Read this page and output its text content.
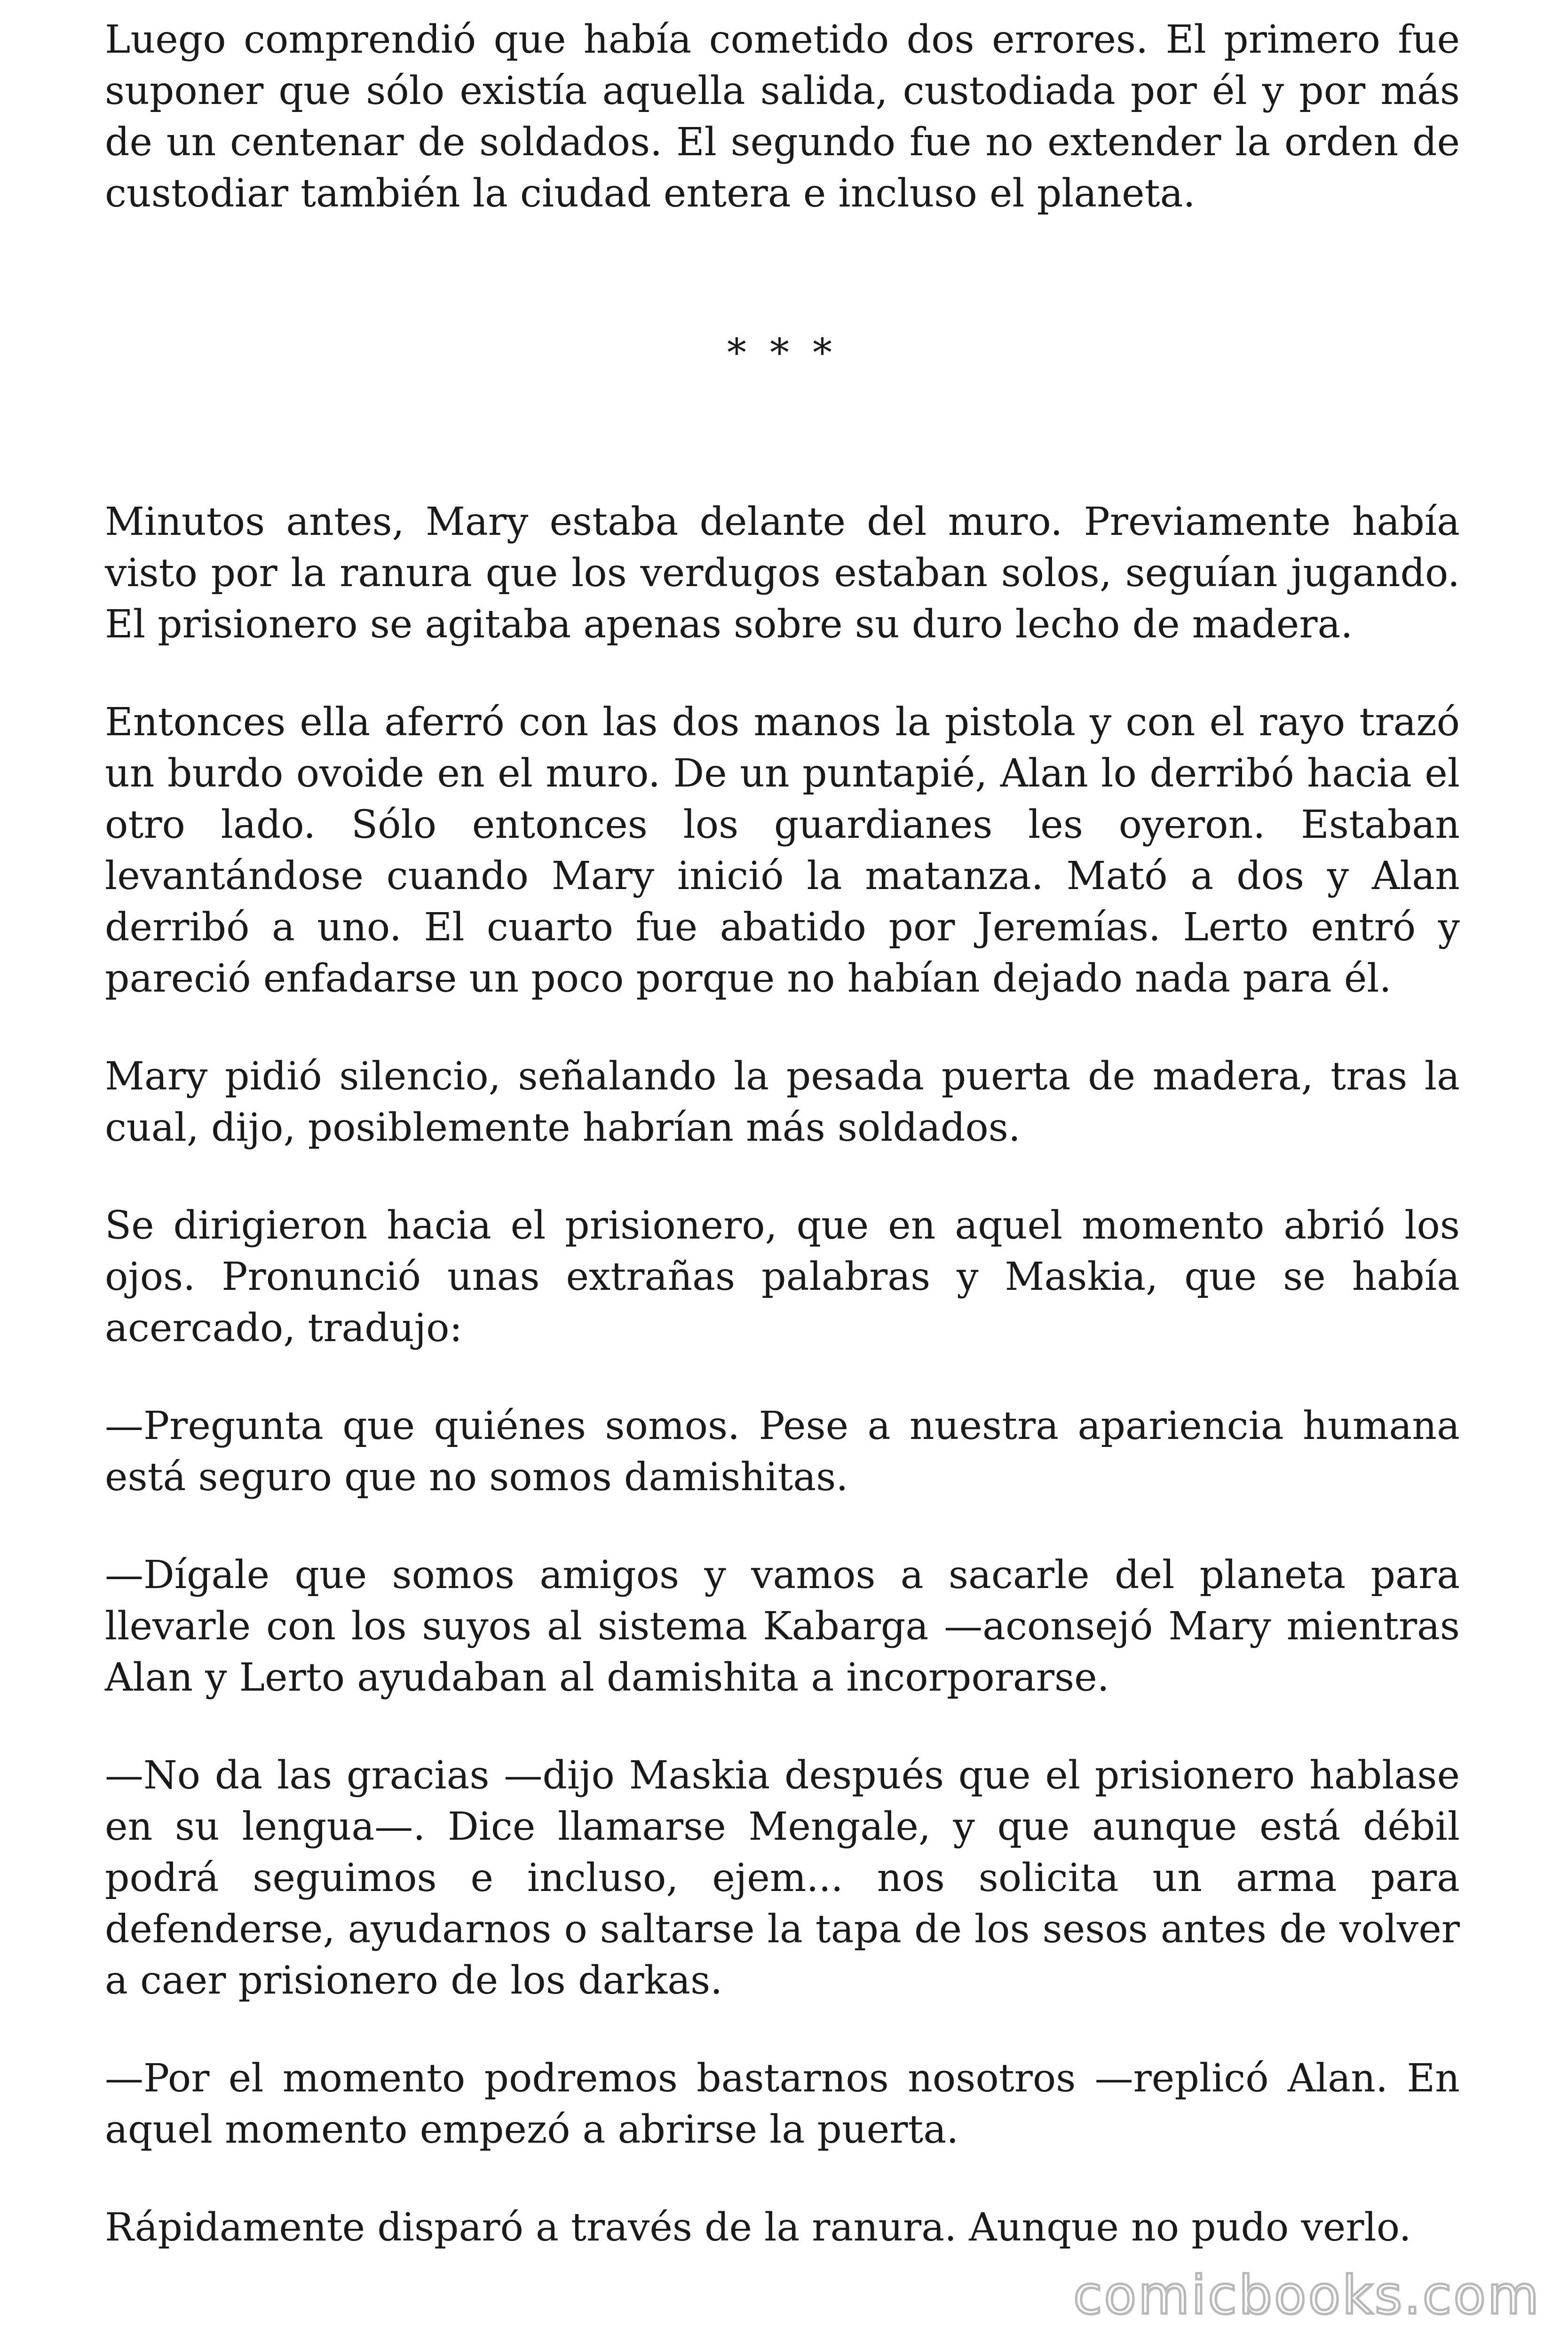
Luego comprendió que había cometido dos errores. El primero fue suponer que sólo existía aquella salida, custodiada por él y por más de un centenar de soldados. El segundo fue no extender la orden de custodiar también la ciudad entera e incluso el planeta.

* * *

Minutos antes, Mary estaba delante del muro. Previamente había visto por la ranura que los verdugos estaban solos, seguían jugando. El prisionero se agitaba apenas sobre su duro lecho de madera.

Entonces ella aferró con las dos manos la pistola y con el rayo trazó un burdo ovoide en el muro. De un puntapié, Alan lo derribó hacia el otro lado. Sólo entonces los guardianes les oyeron. Estaban levantándose cuando Mary inició la matanza. Mató a dos y Alan derribó a uno. El cuarto fue abatido por Jeremías. Lerto entró y pareció enfadarse un poco porque no habían dejado nada para él.

Mary pidió silencio, señalando la pesada puerta de madera, tras la cual, dijo, posiblemente habrían más soldados.

Se dirigieron hacia el prisionero, que en aquel momento abrió los ojos. Pronunció unas extrañas palabras y Maskia, que se había acercado, tradujo:

—Pregunta que quiénes somos. Pese a nuestra apariencia humana está seguro que no somos damishitas.

—Dígale que somos amigos y vamos a sacarle del planeta para llevarle con los suyos al sistema Kabarga —aconsejó Mary mientras Alan y Lerto ayudaban al damishita a incorporarse.

—No da las gracias —dijo Maskia después que el prisionero hablase en su lengua—. Dice llamarse Mengale, y que aunque está débil podrá seguimos e incluso, ejem... nos solicita un arma para defenderse, ayudarnos o saltarse la tapa de los sesos antes de volver a caer prisionero de los darkas.

—Por el momento podremos bastarnos nosotros —replicó Alan. En aquel momento empezó a abrirse la puerta.

Rápidamente disparó a través de la ranura. Aunque no pudo verlo.

comicbooks.com
